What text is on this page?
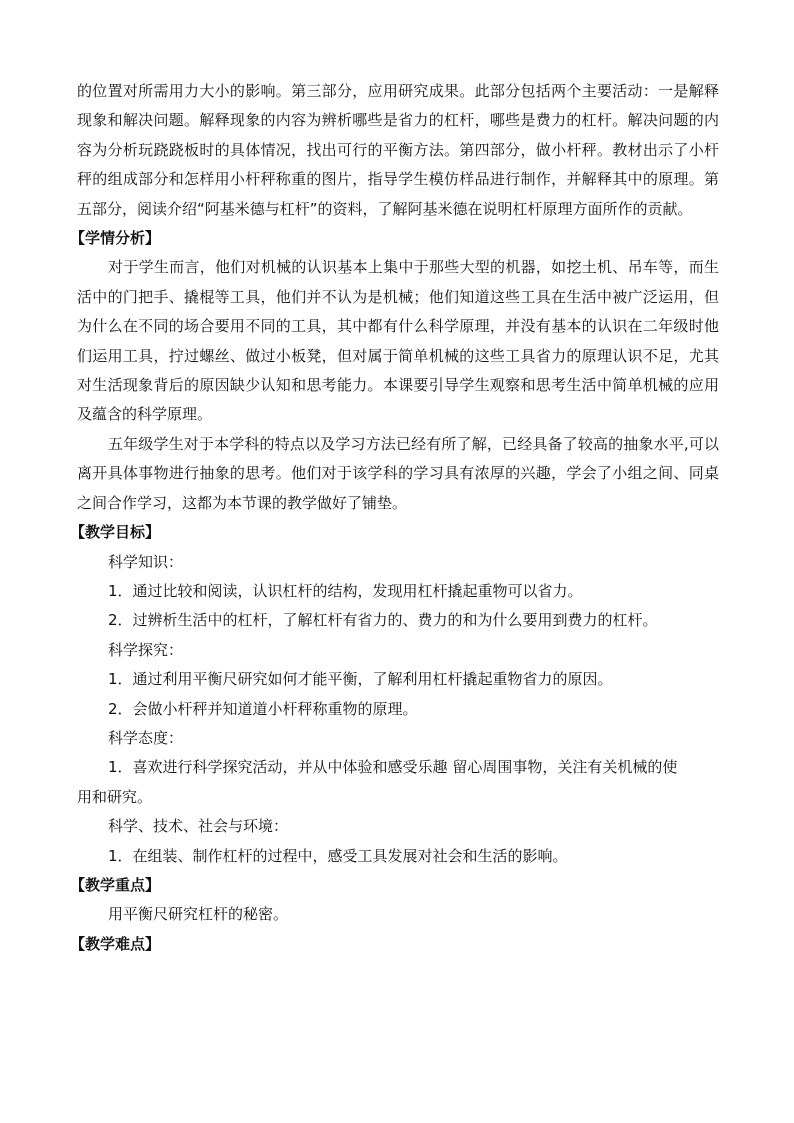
的位置对所需用力大小的影响。第三部分，应用研究成果。此部分包括两个主要活动：一是解释现象和解决问题。解释现象的内容为辨析哪些是省力的杠杆，哪些是费力的杠杆。解决问题的内容为分析玩跷跷板时的具体情况，找出可行的平衡方法。第四部分，做小杆秤。教材出示了小杆秤的组成部分和怎样用小杆秤称重的图片，指导学生模仿样品进行制作，并解释其中的原理。第五部分，阅读介绍“阿基米德与杠杆”的资料，了解阿基米德在说明杠杆原理方面所作的贡献。

【学情分析】

对于学生而言，他们对机械的认识基本上集中于那些大型的机器，如挖土机、吊车等，而生活中的门把手、撬棍等工具，他们并不认为是机械；他们知道这些工具在生活中被广泛运用，但为什么在不同的场合要用不同的工具，其中都有什么科学原理，并没有基本的认识在二年级时他们运用工具，拧过螺丝、做过小板凳，但对属于简单机械的这些工具省力的原理认识不足，尤其对生活现象背后的原因缺少认知和思考能力。本课要引导学生观察和思考生活中简单机械的应用及蕴含的科学原理。

五年级学生对于本学科的特点以及学习方法已经有所了解，已经具备了较高的抽象水平,可以离开具体事物进行抽象的思考。他们对于该学科的学习具有浓厚的兴趣，学会了小组之间、同桌之间合作学习，这都为本节课的教学做好了铺垫。

【教学目标】

科学知识：

1．通过比较和阅读，认识杠杆的结构，发现用杠杆撬起重物可以省力。

2．过辨析生活中的杠杆，了解杠杆有省力的、费力的和为什么要用到费力的杠杆。

科学探究：

1．通过利用平衡尺研究如何才能平衡，了解利用杠杆撬起重物省力的原因。

2．会做小杆秤并知道道小杆秤称重物的原理。

科学态度：

1．喜欢进行科学探究活动，并从中体验和感受乐趣 留心周围事物，关注有关机械的使

用和研究。

科学、技术、社会与环境：

1．在组装、制作杠杆的过程中，感受工具发展对社会和生活的影响。

【教学重点】

用平衡尺研究杠杆的秘密。

【教学难点】
